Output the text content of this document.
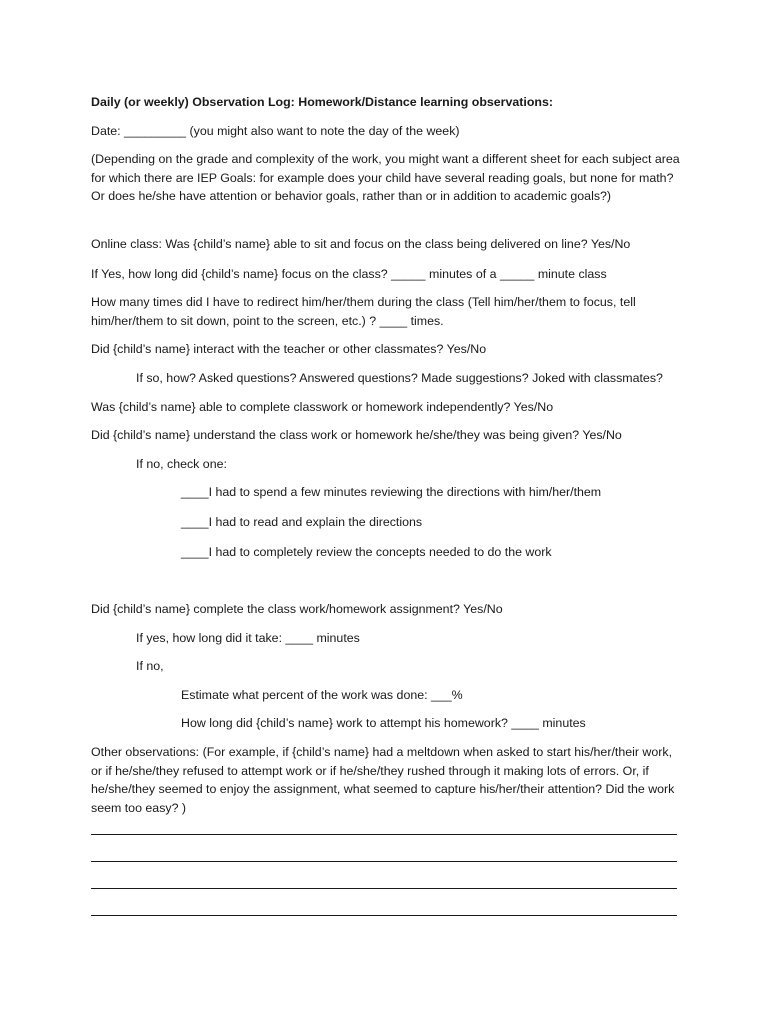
Daily (or weekly) Observation Log: Homework/Distance learning observations:

Date: _________ (you might also want to note the day of the week)

(Depending on the grade and complexity of the work, you might want a different sheet for each subject area for which there are IEP Goals: for example does your child have several reading goals, but none for math? Or does he/she have attention or behavior goals, rather than or in addition to academic goals?)

Online class: Was {child’s name} able to sit and focus on the class being delivered on line? Yes/No

If Yes, how long did {child’s name} focus on the class? _____ minutes of a _____ minute class

How many times did I have to redirect him/her/them during the class (Tell him/her/them to focus, tell him/her/them to sit down, point to the screen, etc.) ? ____ times.

Did {child’s name} interact with the teacher or other classmates? Yes/No

If so, how? Asked questions? Answered questions? Made suggestions? Joked with classmates?

Was {child’s name} able to complete classwork or homework independently? Yes/No

Did {child’s name} understand the class work or homework he/she/they was being given? Yes/No

If no, check one:

____I had to spend a few minutes reviewing the directions with him/her/them

____I had to read and explain the directions

____I had to completely review the concepts needed to do the work

Did {child’s name} complete the class work/homework assignment? Yes/No

If yes, how long did it take: ____ minutes

If no,

Estimate what percent of the work was done: ___%

How long did {child’s name} work to attempt his homework? ____ minutes

Other observations: (For example, if {child’s name} had a meltdown when asked to start his/her/their work, or if he/she/they refused to attempt work or if he/she/they rushed through it making lots of errors. Or, if he/she/they seemed to enjoy the assignment, what seemed to capture his/her/their attention? Did the work seem too easy? )
